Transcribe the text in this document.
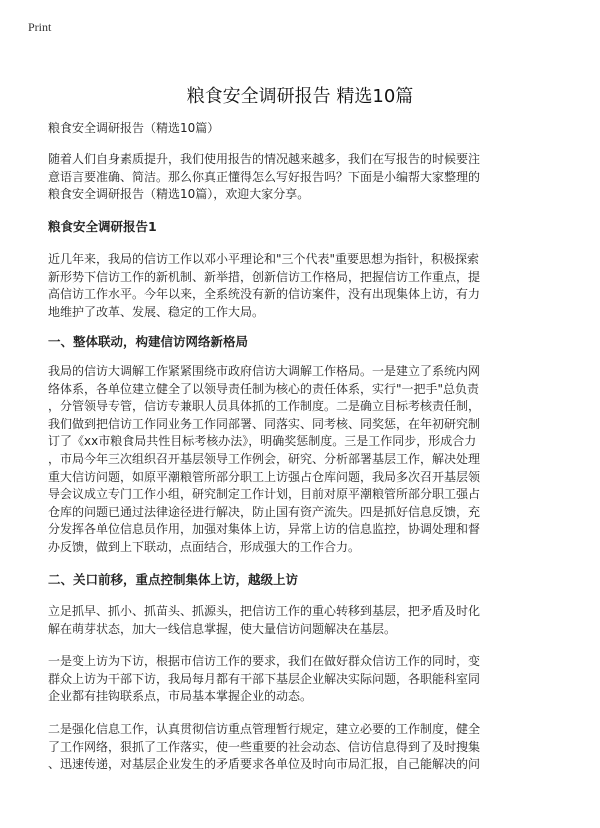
Print
粮食安全调研报告 精选10篇
粮食安全调研报告（精选10篇）
随着人们自身素质提升，我们使用报告的情况越来越多，我们在写报告的时候要注
意语言要准确、简洁。那么你真正懂得怎么写好报告吗？下面是小编帮大家整理的
粮食安全调研报告（精选10篇），欢迎大家分享。
粮食安全调研报告1
近几年来，我局的信访工作以邓小平理论和"三个代表"重要思想为指针，积极探索
新形势下信访工作的新机制、新举措，创新信访工作格局，把握信访工作重点，提
高信访工作水平。今年以来，全系统没有新的信访案件，没有出现集体上访，有力
地维护了改革、发展、稳定的工作大局。
一、整体联动，构建信访网络新格局
我局的信访大调解工作紧紧围绕市政府信访大调解工作格局。一是建立了系统内网
络体系，各单位建立健全了以领导责任制为核心的责任体系，实行"一把手"总负责
，分管领导专管，信访专兼职人员具体抓的工作制度。二是确立目标考核责任制，
我们做到把信访工作同业务工作同部署、同落实、同考核、同奖惩，在年初研究制
订了《xx市粮食局共性目标考核办法》，明确奖惩制度。三是工作同步，形成合力
，市局今年三次组织召开基层领导工作例会，研究、分析部署基层工作，解决处理
重大信访问题，如原平潮粮管所部分职工上访强占仓库问题，我局多次召开基层领
导会议成立专门工作小组，研究制定工作计划，目前对原平潮粮管所部分职工强占
仓库的问题已通过法律途径进行解决，防止国有资产流失。四是抓好信息反馈，充
分发挥各单位信息员作用，加强对集体上访，异常上访的信息监控，协调处理和督
办反馈，做到上下联动，点面结合，形成强大的工作合力。
二、关口前移，重点控制集体上访，越级上访
立足抓早、抓小、抓苗头、抓源头，把信访工作的重心转移到基层，把矛盾及时化
解在萌芽状态，加大一线信息掌握，使大量信访问题解决在基层。
一是变上访为下访，根据市信访工作的要求，我们在做好群众信访工作的同时，变
群众上访为干部下访，我局每月都有干部下基层企业解决实际问题，各职能科室同
企业都有挂钩联系点，市局基本掌握企业的动态。
二是强化信息工作，认真贯彻信访重点管理暂行规定，建立必要的工作制度，健全
了工作网络，狠抓了工作落实，使一些重要的社会动态、信访信息得到了及时搜集
、迅速传递，对基层企业发生的矛盾要求各单位及时向市局汇报，自己能解决的问
